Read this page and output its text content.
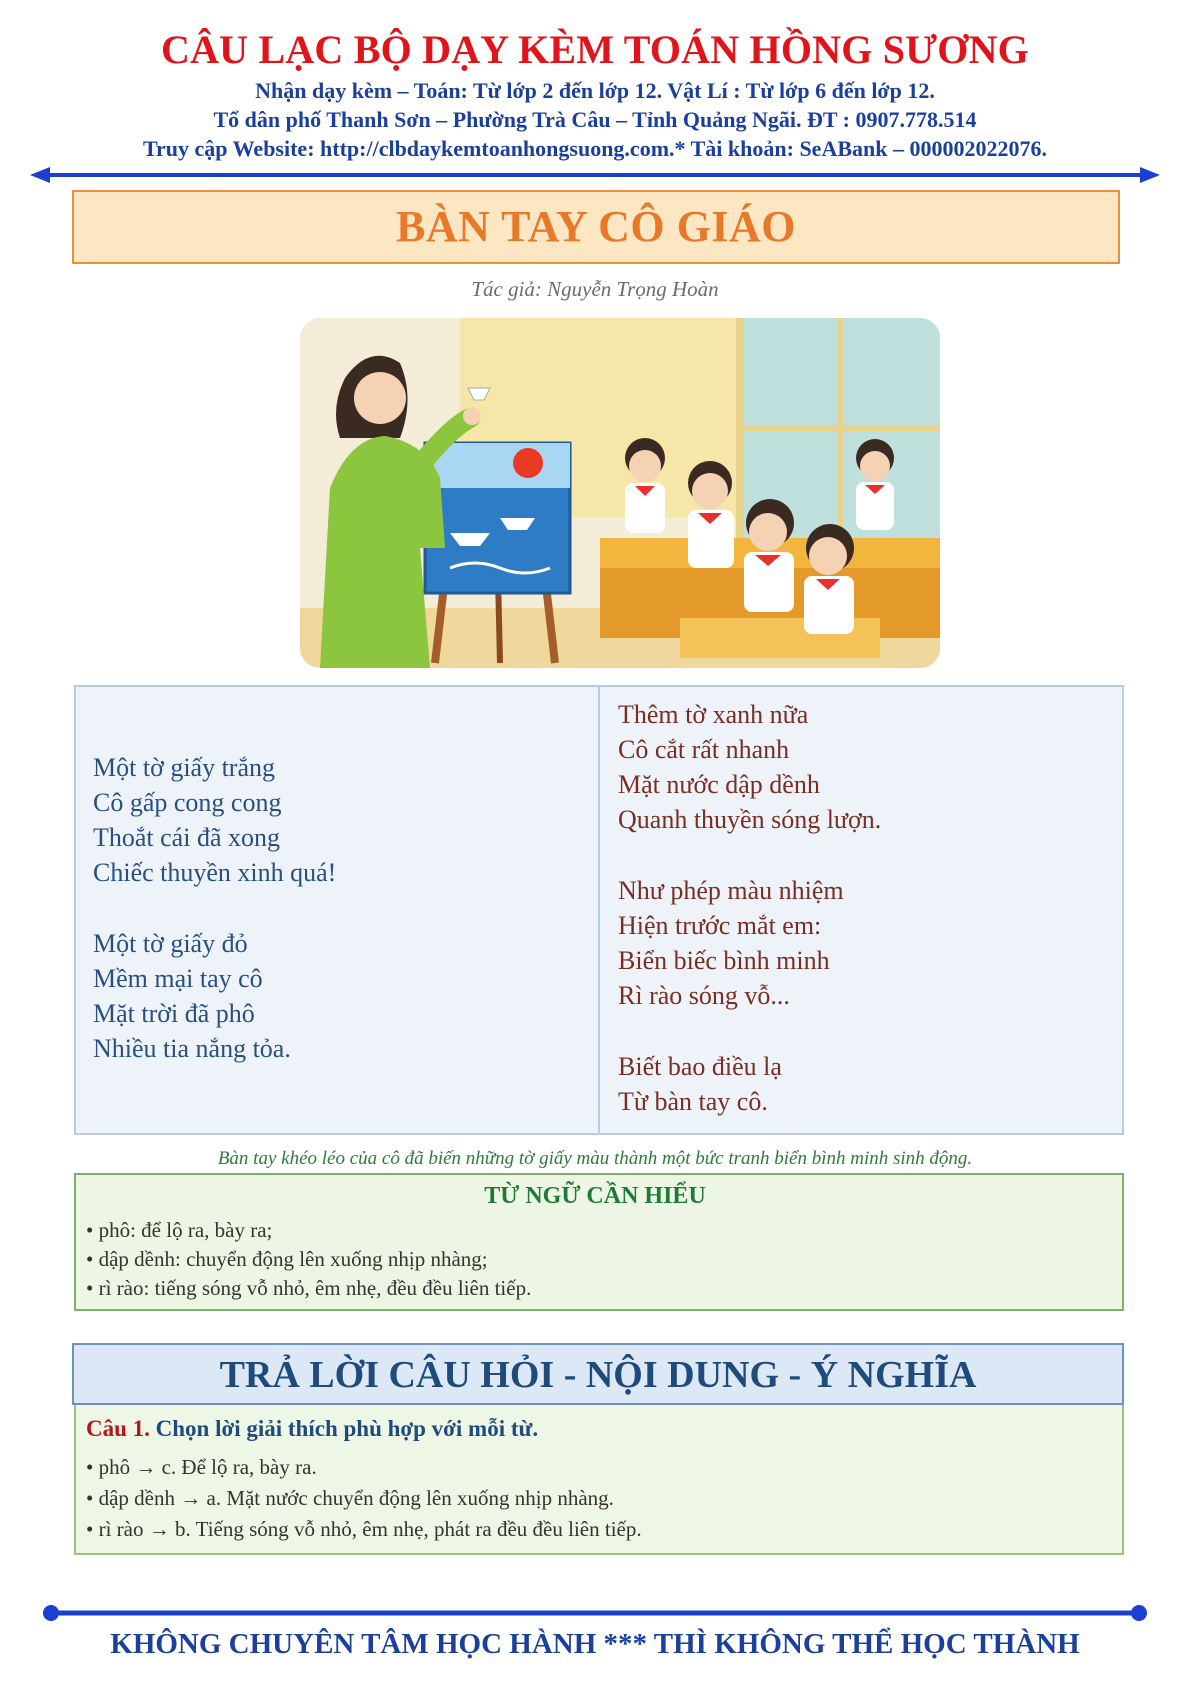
CÂU LẠC BỘ DẠY KÈM TOÁN HỒNG SƯƠNG
Nhận dạy kèm – Toán: Từ lớp 2 đến lớp 12. Vật Lí : Từ lớp 6 đến lớp 12.
Tổ dân phố Thanh Sơn – Phường Trà Câu – Tỉnh Quảng Ngãi. ĐT : 0907.778.514
Truy cập Website: http://clbdaykemtoanhongsuong.com.* Tài khoản: SeABank – 000002022076.
BÀN TAY CÔ GIÁO
Tác giả: Nguyễn Trọng Hoàn
Một tờ giấy trắng
Cô gấp cong cong
Thoắt cái đã xong
Chiếc thuyền xinh quá!
Một tờ giấy đỏ
Mềm mại tay cô
Mặt trời đã phô
Nhiều tia nắng tỏa.
Thêm tờ xanh nữa
Cô cắt rất nhanh
Mặt nước dập dềnh
Quanh thuyền sóng lượn.
Như phép màu nhiệm
Hiện trước mắt em:
Biển biếc bình minh
Rì rào sóng vỗ...
Biết bao điều lạ
Từ bàn tay cô.
Bàn tay khéo léo của cô đã biến những tờ giấy màu thành một bức tranh biển bình minh sinh động.
TỪ NGỮ CẦN HIỂU
• phô: để lộ ra, bày ra;
• dập dềnh: chuyển động lên xuống nhịp nhàng;
• rì rào: tiếng sóng vỗ nhỏ, êm nhẹ, đều đều liên tiếp.
TRẢ LỜI CÂU HỎI - NỘI DUNG - Ý NGHĨA
Câu 1. Chọn lời giải thích phù hợp với mỗi từ.
• phô → c. Để lộ ra, bày ra.
• dập dềnh → a. Mặt nước chuyển động lên xuống nhịp nhàng.
• rì rào → b. Tiếng sóng vỗ nhỏ, êm nhẹ, phát ra đều đều liên tiếp.
KHÔNG CHUYÊN TÂM HỌC HÀNH *** THÌ KHÔNG THỂ HỌC THÀNH
